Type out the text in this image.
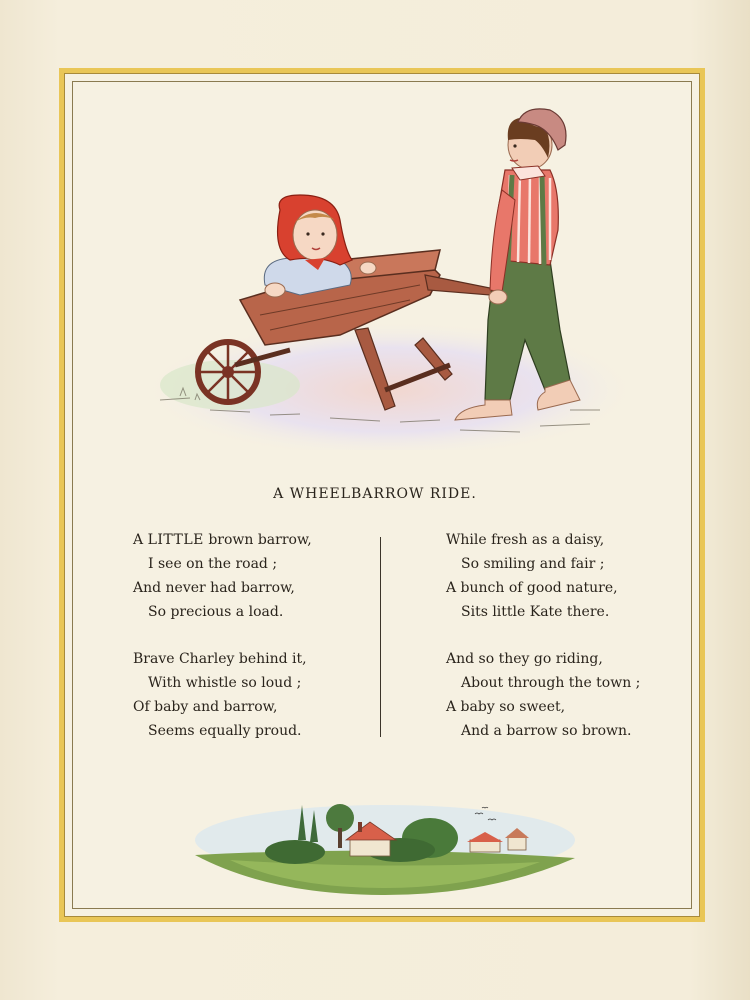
A WHEELBARROW RIDE.
A LITTLE brown barrow,
I see on the road ;
And never had barrow,
So precious a load.
Brave Charley behind it,
With whistle so loud ;
Of baby and barrow,
Seems equally proud.
While fresh as a daisy,
So smiling and fair ;
A bunch of good nature,
Sits little Kate there.
And so they go riding,
About through the town ;
A baby so sweet,
And a barrow so brown.
